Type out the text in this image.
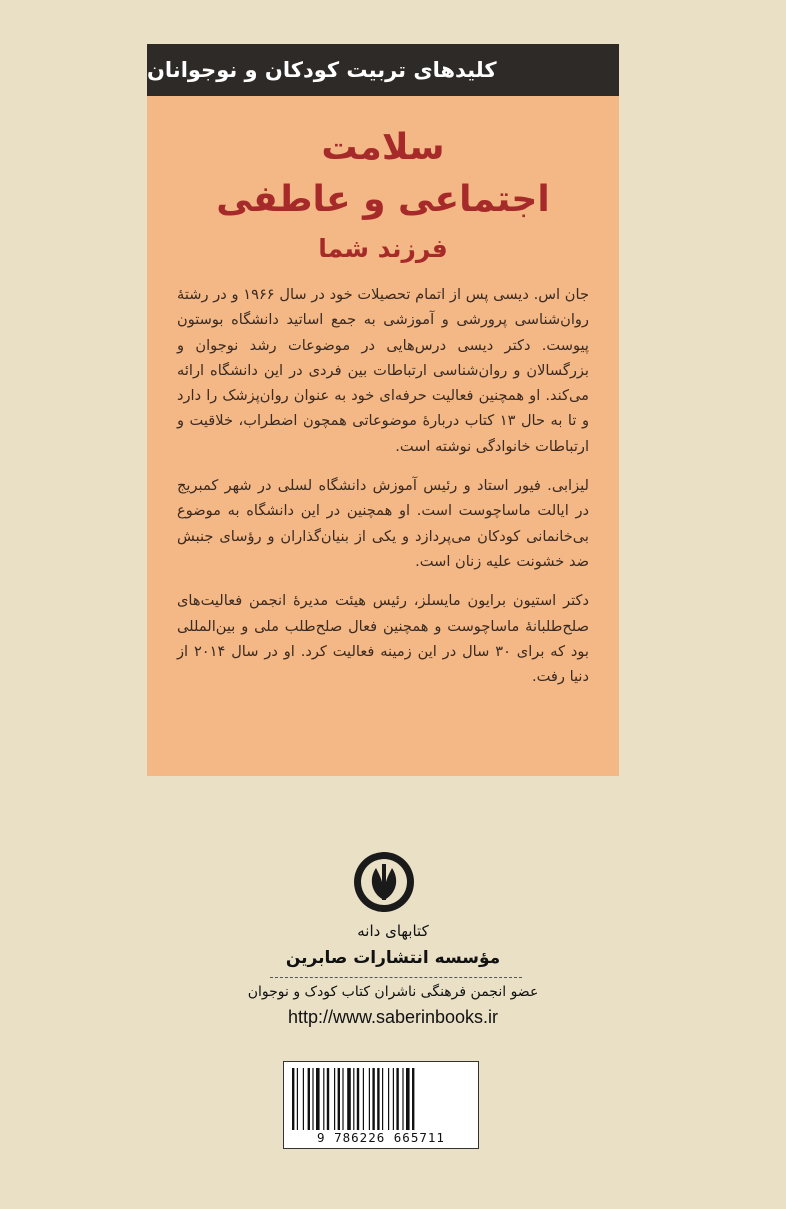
کلیدهای تربیت کودکان و نوجوانان
سلامت
اجتماعی و عاطفی
فرزند شما

جان اس. دیسی پس از اتمام تحصیلات خود در سال ۱۹۶۶ و در رشتهٔ روان‌شناسی پرورشی و آموزشی به جمع اساتید دانشگاه بوستون پیوست. دکتر دیسی درس‌هایی در موضوعات رشد نوجوان و بزرگسالان و روان‌شناسی ارتباطات بین فردی در این دانشگاه ارائه می‌کند. او همچنین فعالیت حرفه‌ای خود به عنوان روان‌پزشک را دارد و تا به حال ۱۳ کتاب دربارهٔ موضوعاتی همچون اضطراب، خلاقیت و ارتباطات خانوادگی نوشته است.

لیزابی. فیور استاد و رئیس آموزش دانشگاه لسلی در شهر کمبریج در ایالت ماساچوست است. او همچنین در این دانشگاه به موضوع بی‌خانمانی کودکان می‌پردازد و یکی از بنیان‌گذاران و رؤسای جنبش ضد خشونت علیه زنان است.

دکتر استیون برایون مایسلز، رئیس هیئت مدیرهٔ انجمن فعالیت‌های صلح‌طلبانهٔ ماساچوست و همچنین فعال صلح‌طلب ملی و بین‌المللی بود که برای ۳۰ سال در این زمینه فعالیت کرد. او در سال ۲۰۱۴ از دنیا رفت.

کتابهای دانه
مؤسسه انتشارات صابرین
عضو انجمن فرهنگی ناشران کتاب کودک و نوجوان
http://www.saberinbooks.ir
9 786226 665711
